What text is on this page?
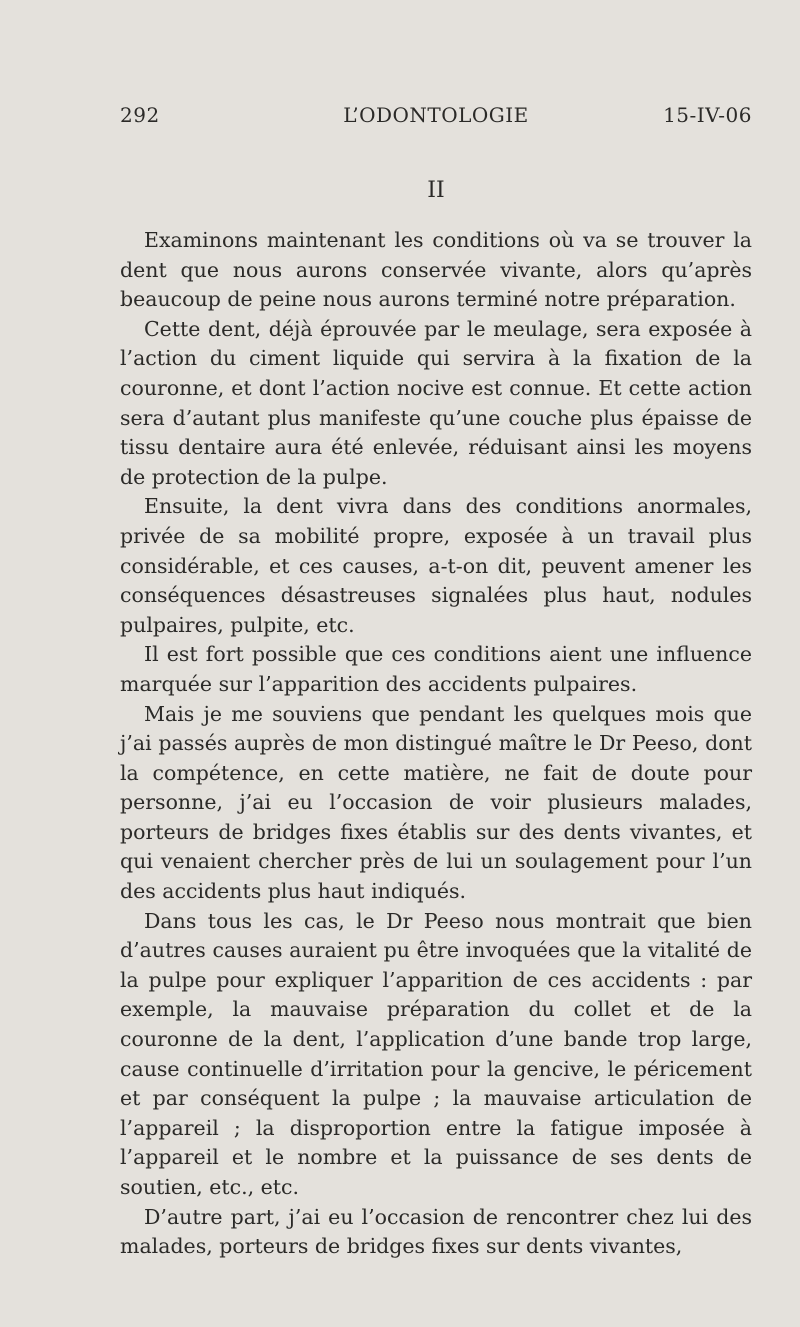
292	L’ODONTOLOGIE	15-IV-06
II

Examinons maintenant les conditions où va se trouver la dent que nous aurons conservée vivante, alors qu’après beaucoup de peine nous aurons terminé notre préparation.

Cette dent, déjà éprouvée par le meulage, sera exposée à l’action du ciment liquide qui servira à la fixation de la couronne, et dont l’action nocive est connue. Et cette action sera d’autant plus manifeste qu’une couche plus épaisse de tissu dentaire aura été enlevée, réduisant ainsi les moyens de protection de la pulpe.

Ensuite, la dent vivra dans des conditions anormales, privée de sa mobilité propre, exposée à un travail plus considérable, et ces causes, a-t-on dit, peuvent amener les conséquences désastreuses signalées plus haut, nodules pulpaires, pulpite, etc.

Il est fort possible que ces conditions aient une influence marquée sur l’apparition des accidents pulpaires.

Mais je me souviens que pendant les quelques mois que j’ai passés auprès de mon distingué maître le Dr Peeso, dont la compétence, en cette matière, ne fait de doute pour personne, j’ai eu l’occasion de voir plusieurs malades, porteurs de bridges fixes établis sur des dents vivantes, et qui venaient chercher près de lui un soulagement pour l’un des accidents plus haut indiqués.

Dans tous les cas, le Dr Peeso nous montrait que bien d’autres causes auraient pu être invoquées que la vitalité de la pulpe pour expliquer l’apparition de ces accidents : par exemple, la mauvaise préparation du collet et de la couronne de la dent, l’application d’une bande trop large, cause continuelle d’irritation pour la gencive, le péricement et par conséquent la pulpe ; la mauvaise articulation de l’appareil ; la disproportion entre la fatigue imposée à l’appareil et le nombre et la puissance de ses dents de soutien, etc., etc.

D’autre part, j’ai eu l’occasion de rencontrer chez lui des malades, porteurs de bridges fixes sur dents vivantes,
